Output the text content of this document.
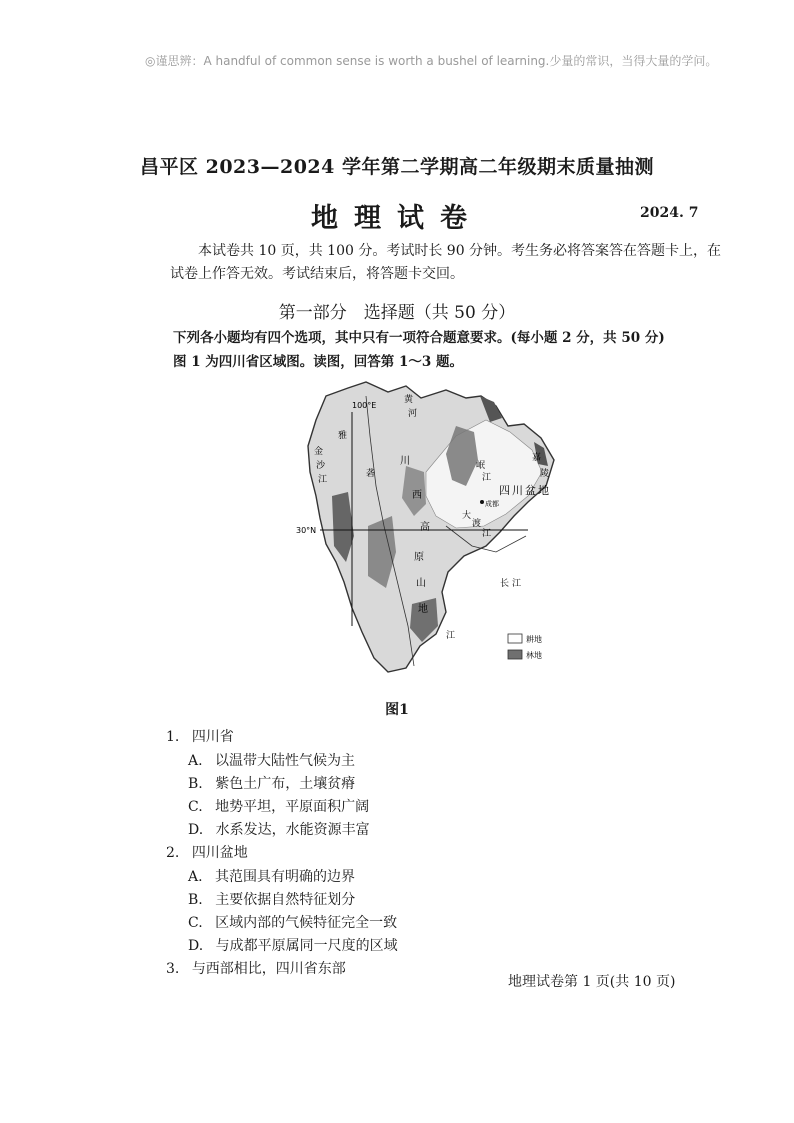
◎谨思辨：A handful of common sense is worth a bushel of learning.少量的常识，当得大量的学问。
昌平区 2023—2024 学年第二学期高二年级期末质量抽测
地理试卷	2024. 7
本试卷共 10 页，共 100 分。考试时长 90 分钟。考生务必将答案答在答题卡上，在试卷上作答无效。考试结束后，将答题卡交回。
第一部分　选择题（共 50 分）
下列各小题均有四个选项，其中只有一项符合题意要求。(每小题 2 分，共 50 分)
图 1 为四川省区域图。读图，回答第 1～3 题。
100°E
30°N
四川盆地
成都
黄
河
金
沙
江
雅
砻
川
西
高
原
山
地
岷
江
嘉
陵
大
渡
长 江
江
江	耕地
林地
图1
1. 四川省
A. 以温带大陆性气候为主
B. 紫色土广布，土壤贫瘠
C. 地势平坦，平原面积广阔
D. 水系发达，水能资源丰富
2. 四川盆地
A. 其范围具有明确的边界
B. 主要依据自然特征划分
C. 区域内部的气候特征完全一致
D. 与成都平原属同一尺度的区域
3. 与西部相比，四川省东部
地理试卷第 1 页(共 10 页)
